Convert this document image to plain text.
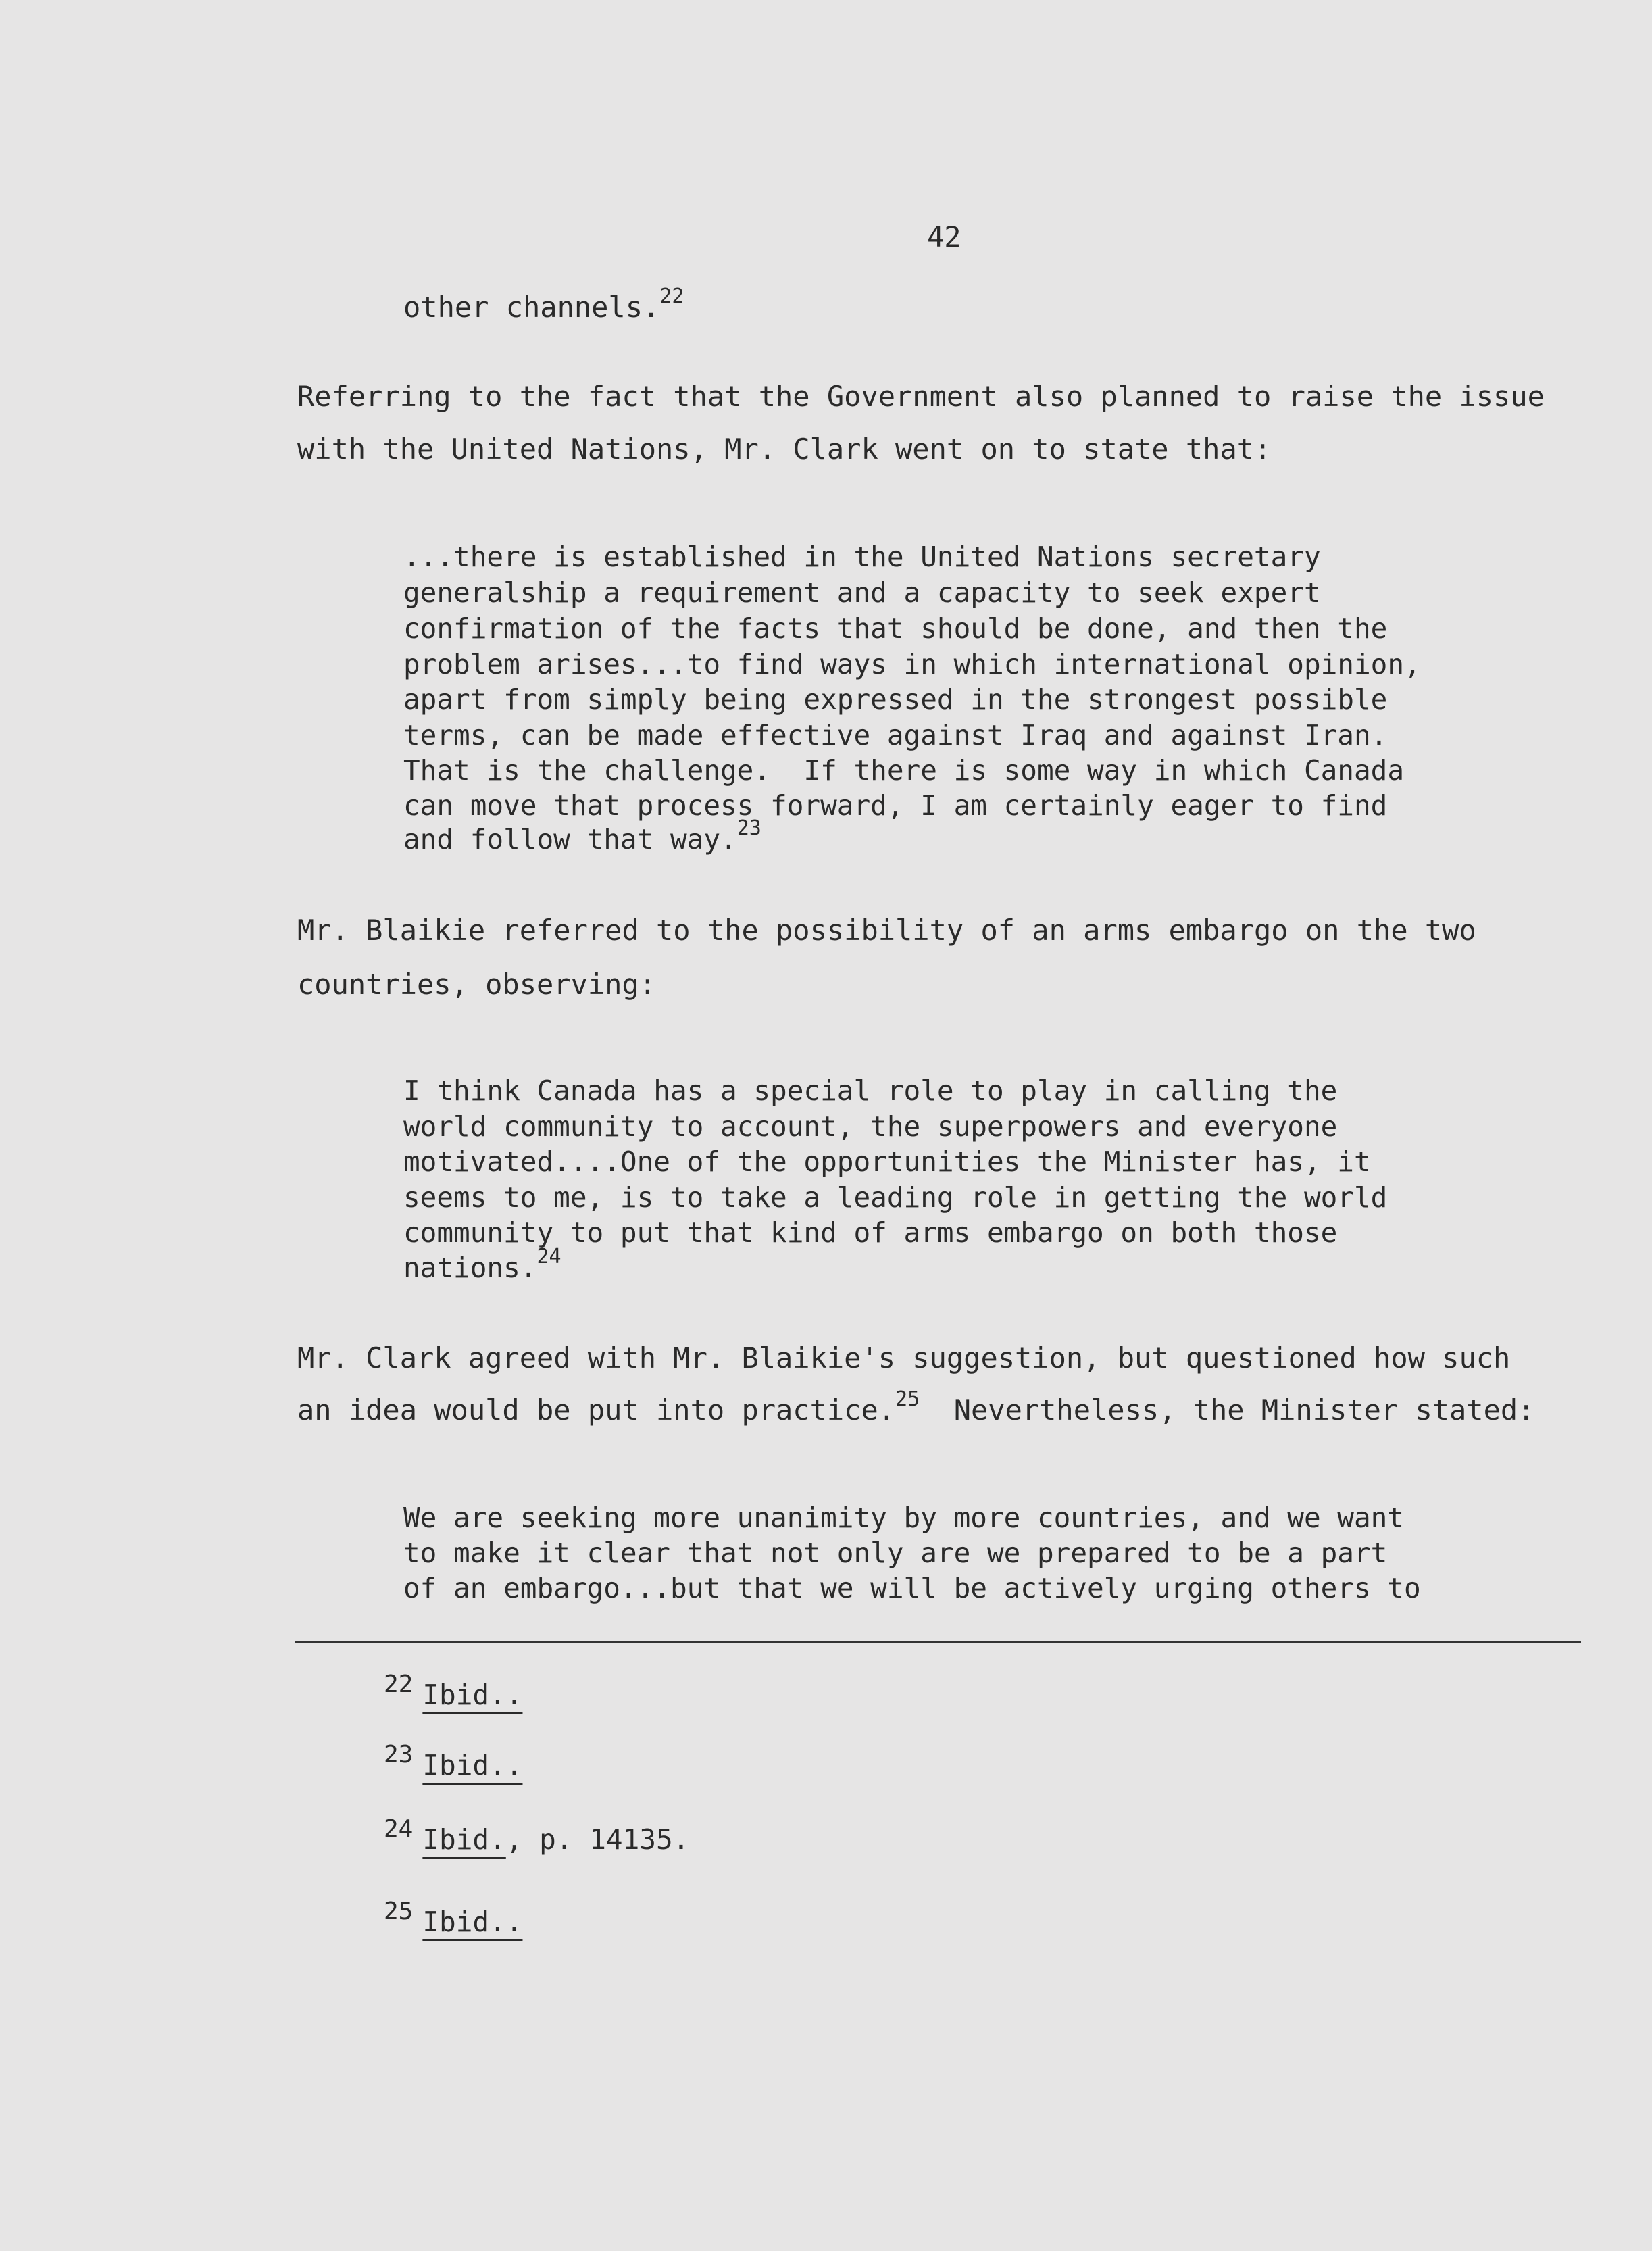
42
other channels.$^{22}$
Referring to the fact that the Government also planned to raise the issue
with the United Nations, Mr. Clark went on to state that:
...there is established in the United Nations secretary
generalship a requirement and a capacity to seek expert
confirmation of the facts that should be done, and then the
problem arises...to find ways in which international opinion,
apart from simply being expressed in the strongest possible
terms, can be made effective against Iraq and against Iran.
That is the challenge.  If there is some way in which Canada
can move that process forward, I am certainly eager to find
and follow that way.$^{23}$
Mr. Blaikie referred to the possibility of an arms embargo on the two
countries, observing:
I think Canada has a special role to play in calling the
world community to account, the superpowers and everyone
motivated....One of the opportunities the Minister has, it
seems to me, is to take a leading role in getting the world
community to put that kind of arms embargo on both those
nations.$^{24}$
Mr. Clark agreed with Mr. Blaikie's suggestion, but questioned how such
an idea would be put into practice.$^{25}$  Nevertheless, the Minister stated:
We are seeking more unanimity by more countries, and we want
to make it clear that not only are we prepared to be a part
of an embargo...but that we will be actively urging others to
22 Ibid..
23 Ibid..
24 Ibid., p. 14135.
25 Ibid..
